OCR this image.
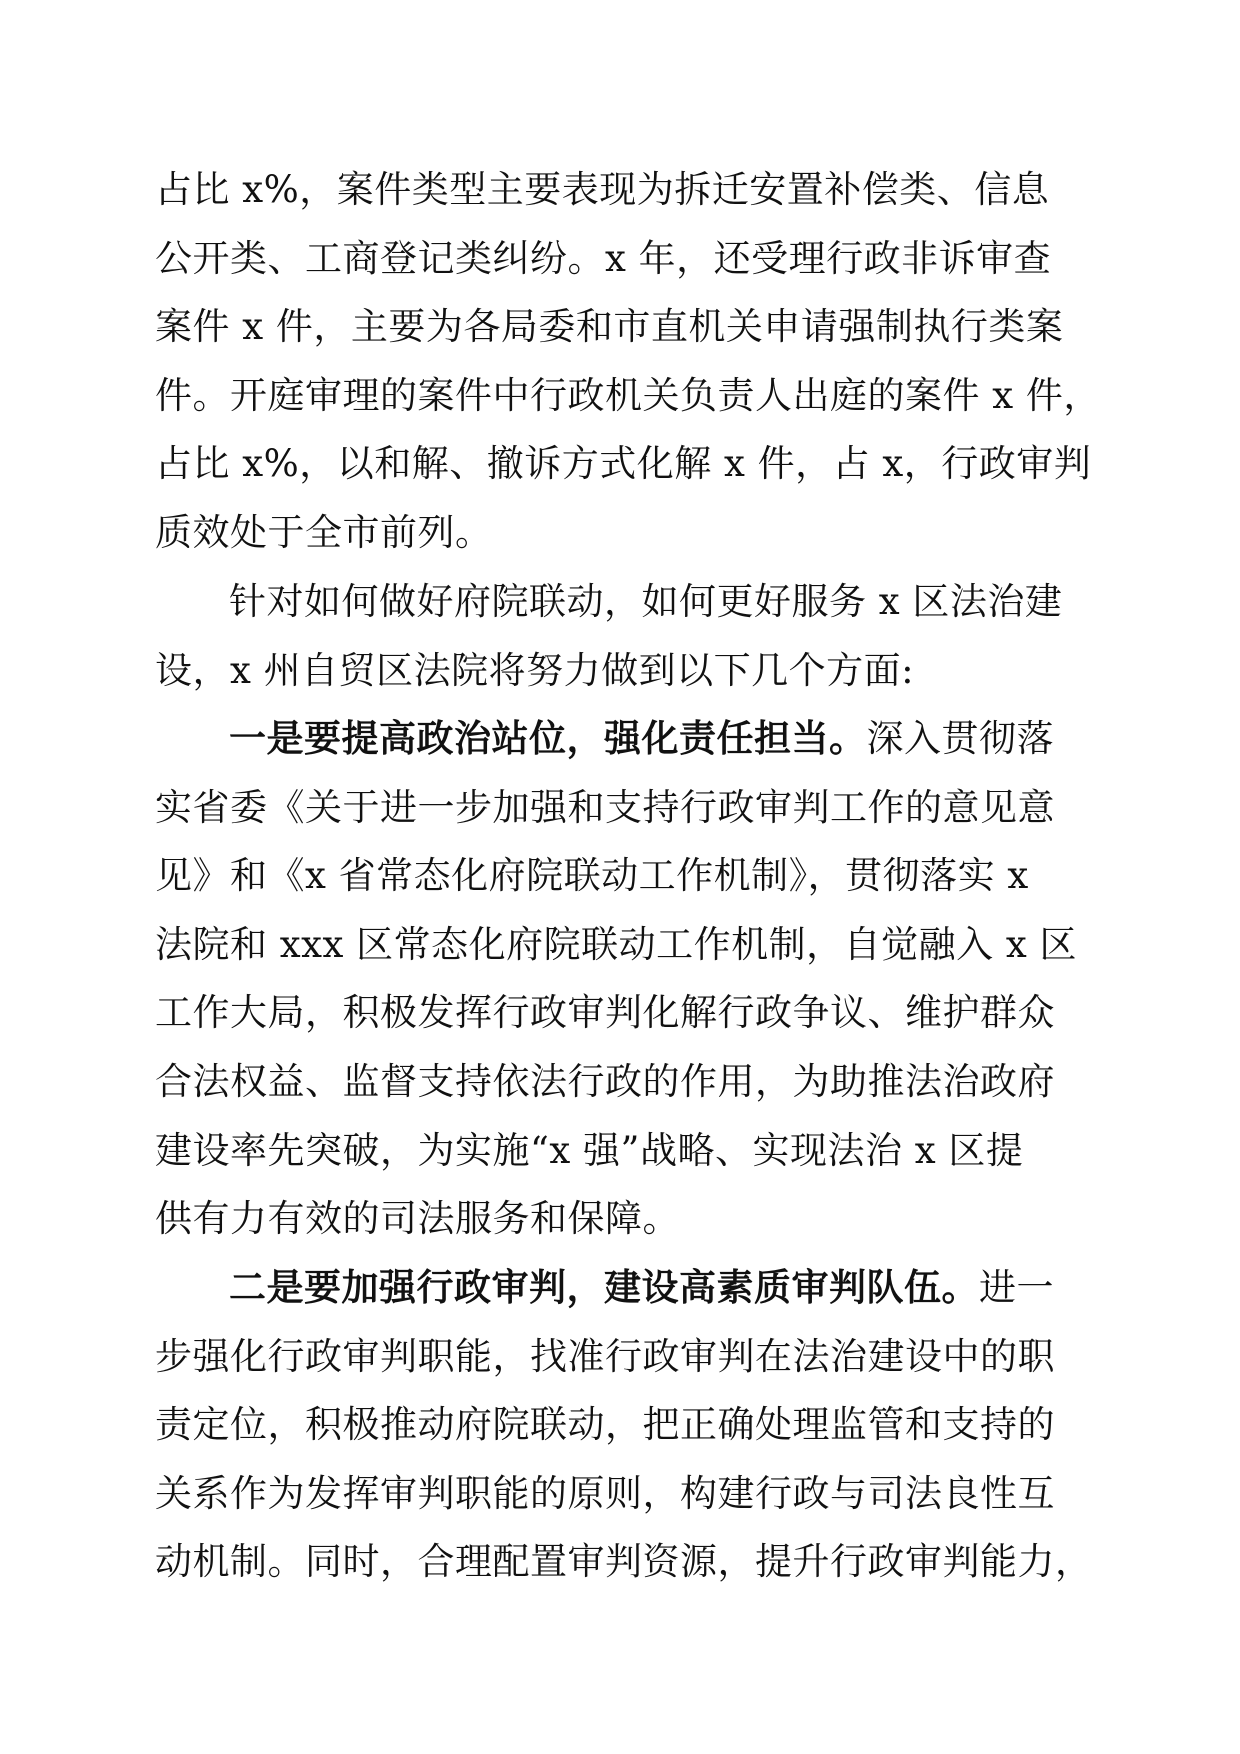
占比 x%，案件类型主要表现为拆迁安置补偿类、信息
公开类、工商登记类纠纷。x 年，还受理行政非诉审查
案件 x 件，主要为各局委和市直机关申请强制执行类案
件。开庭审理的案件中行政机关负责人出庭的案件 x 件，
占比 x%，以和解、撤诉方式化解 x 件，占 x，行政审判
质效处于全市前列。
针对如何做好府院联动，如何更好服务 x 区法治建
设，x 州自贸区法院将努力做到以下几个方面:
一是要提高政治站位，强化责任担当。深入贯彻落
实省委《关于进一步加强和支持行政审判工作的意见意
见》和《x 省常态化府院联动工作机制》，贯彻落实 x
法院和 xxx 区常态化府院联动工作机制，自觉融入 x 区
工作大局，积极发挥行政审判化解行政争议、维护群众
合法权益、监督支持依法行政的作用，为助推法治政府
建设率先突破，为实施“x 强”战略、实现法治 x 区提
供有力有效的司法服务和保障。
二是要加强行政审判，建设高素质审判队伍。进一
步强化行政审判职能，找准行政审判在法治建设中的职
责定位，积极推动府院联动，把正确处理监管和支持的
关系作为发挥审判职能的原则，构建行政与司法良性互
动机制。同时，合理配置审判资源，提升行政审判能力，
